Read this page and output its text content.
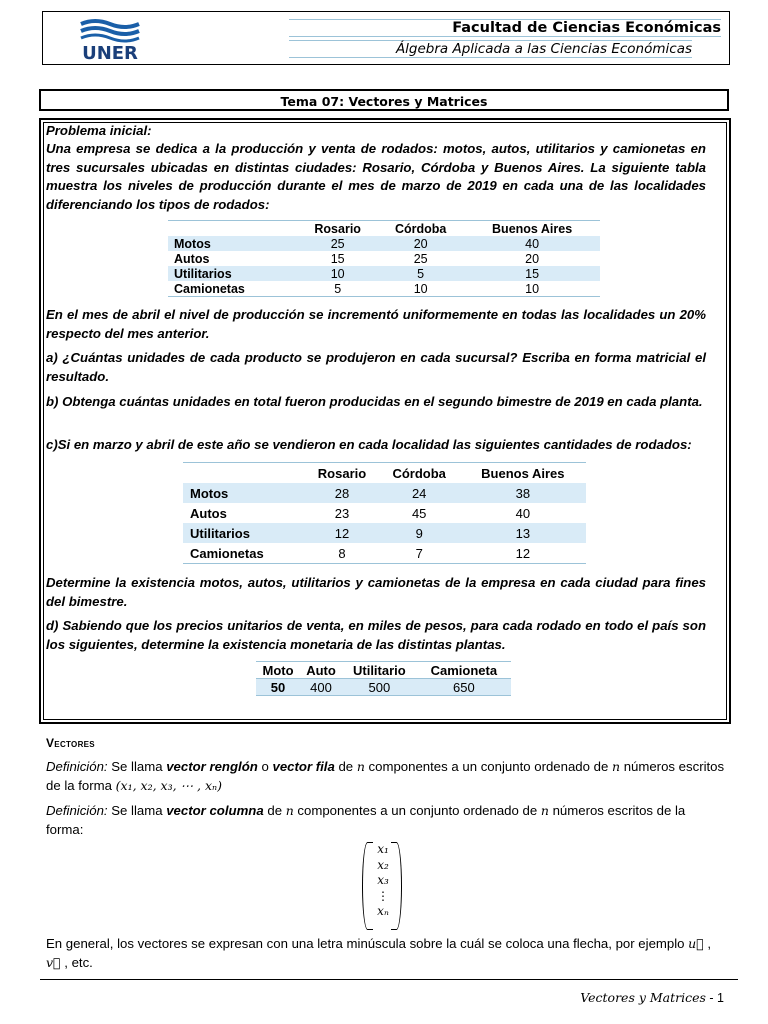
UNER
Facultad de Ciencias Económicas
Álgebra Aplicada a las Ciencias Económicas
Tema 07: Vectores y Matrices
Problema inicial:
Una empresa se dedica a la producción y venta de rodados: motos, autos, utilitarios y camionetas en tres sucursales ubicadas en distintas ciudades: Rosario, Córdoba y Buenos Aires. La siguiente tabla muestra los niveles de producción durante el mes de marzo de 2019 en cada una de las localidades diferenciando los tipos de rodados:
	Rosario	Córdoba	Buenos Aires
Motos	25	20	40
Autos	15	25	20
Utilitarios	10	5	15
Camionetas	5	10	10
En el mes de abril el nivel de producción se incrementó uniformemente en todas las localidades un 20% respecto del mes anterior.
a) ¿Cuántas unidades de cada producto se produjeron en cada sucursal? Escriba en forma matricial el resultado.
b) Obtenga cuántas unidades en total fueron producidas en el segundo bimestre de 2019 en cada planta.
c)Si en marzo y abril de este año se vendieron en cada localidad las siguientes cantidades de rodados:
	Rosario	Córdoba	Buenos Aires
Motos	28	24	38
Autos	23	45	40
Utilitarios	12	9	13
Camionetas	8	7	12
Determine la existencia motos, autos, utilitarios y camionetas de la empresa en cada ciudad para fines del bimestre.
d) Sabiendo que los precios unitarios de venta, en miles de pesos, para cada rodado en todo el país son los siguientes, determine la existencia monetaria de las distintas plantas.
Moto	Auto	Utilitario	Camioneta
50	400	500	650
Vectores
Definición: Se llama vector renglón o vector fila de n componentes a un conjunto ordenado de n números escritos de la forma (x₁, x₂, x₃, ⋯ , xₙ)
Definición: Se llama vector columna de n componentes a un conjunto ordenado de n números escritos de la forma:
x₁
x₂
x₃
⋮
xₙ
En general, los vectores se expresan con una letra minúscula sobre la cuál se coloca una flecha, por ejemplo u⃗ , v⃗ , etc.
Vectores y Matrices - 1
